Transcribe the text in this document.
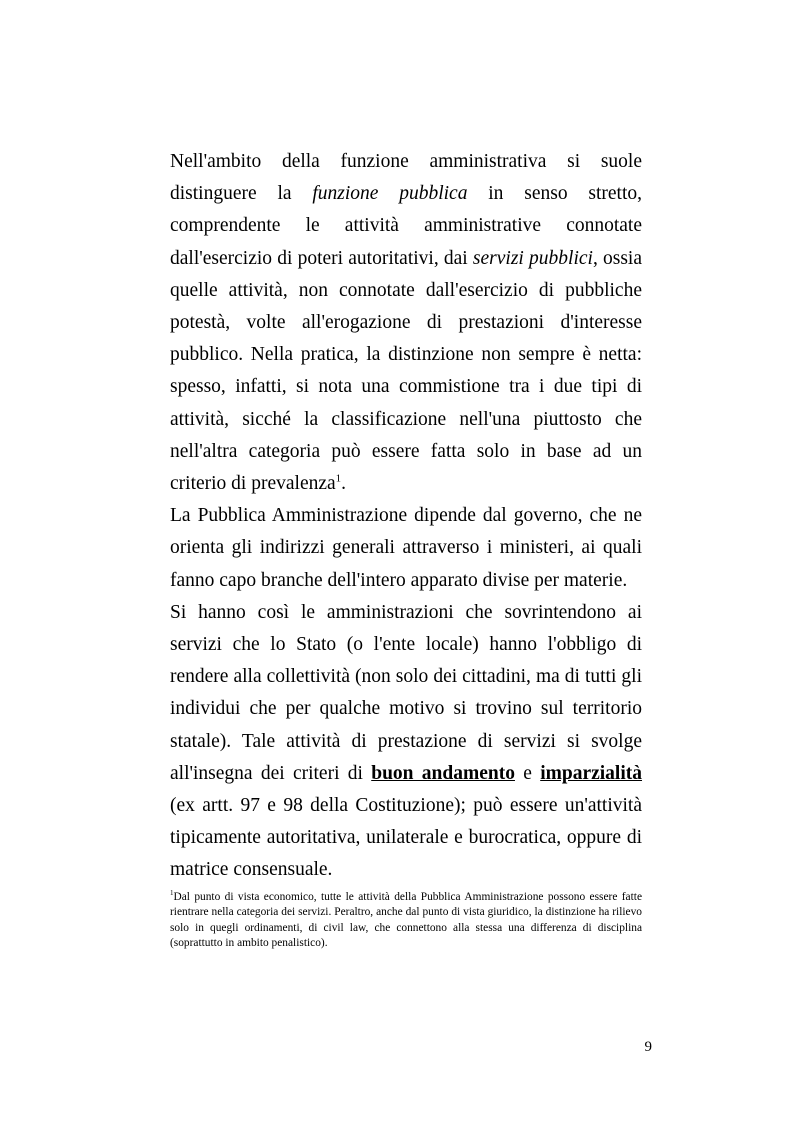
Nell'ambito della funzione amministrativa si suole distinguere la funzione pubblica in senso stretto, comprendente le attività amministrative connotate dall'esercizio di poteri autoritativi, dai servizi pubblici, ossia quelle attività, non connotate dall'esercizio di pubbliche potestà, volte all'erogazione di prestazioni d'interesse pubblico. Nella pratica, la distinzione non sempre è netta: spesso, infatti, si nota una commistione tra i due tipi di attività, sicché la classificazione nell'una piuttosto che nell'altra categoria può essere fatta solo in base ad un criterio di prevalenza$^1$.

La Pubblica Amministrazione dipende dal governo, che ne orienta gli indirizzi generali attraverso i ministeri, ai quali fanno capo branche dell'intero apparato divise per materie.

Si hanno così le amministrazioni che sovrintendono ai servizi che lo Stato (o l'ente locale) hanno l'obbligo di rendere alla collettività (non solo dei cittadini, ma di tutti gli individui che per qualche motivo si trovino sul territorio statale). Tale attività di prestazione di servizi si svolge all'insegna dei criteri di buon andamento e imparzialità (ex artt. 97 e 98 della Costituzione); può essere un'attività tipicamente autoritativa, unilaterale e burocratica, oppure di matrice consensuale.

$^1$Dal punto di vista economico, tutte le attività della Pubblica Amministrazione possono essere fatte rientrare nella categoria dei servizi. Peraltro, anche dal punto di vista giuridico, la distinzione ha rilievo solo in quegli ordinamenti, di civil law, che connettono alla stessa una differenza di disciplina (soprattutto in ambito penalistico).

9
